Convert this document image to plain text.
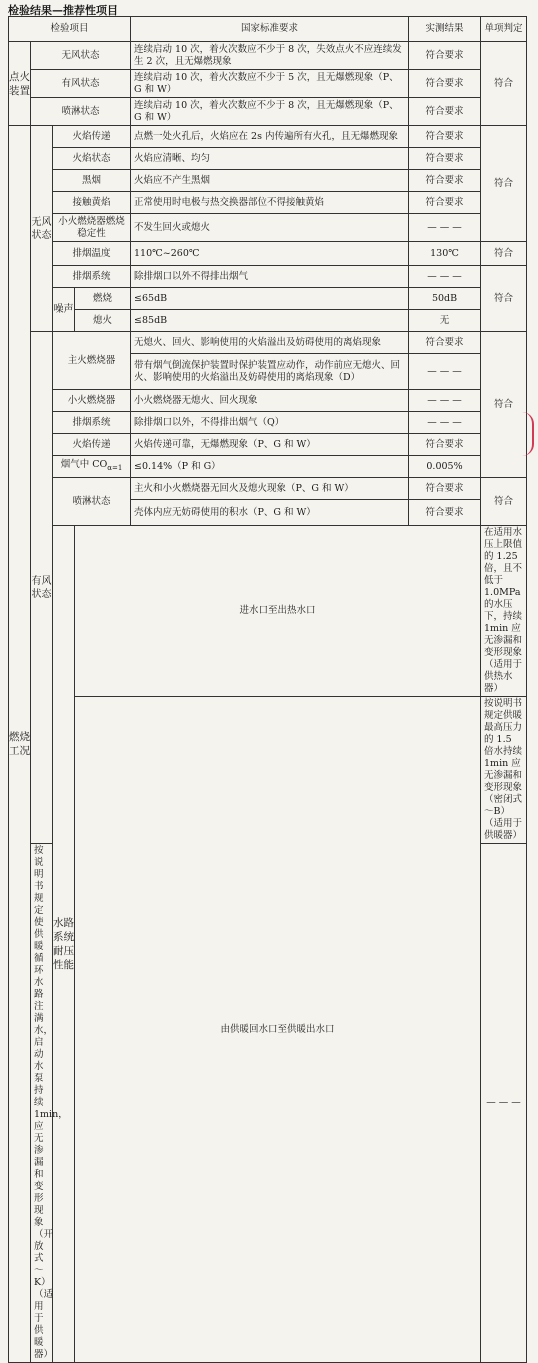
检验结果—推荐性项目
检验项目				国家标准要求	实测结果	单项判定	
点火装置	无风状态			连续启动 10 次，着火次数应不少于 8 次，失效点火不应连续发生 2 次，且无爆燃现象	符合要求	符合	
	有风状态			连续启动 10 次，着火次数应不少于 5 次，且无爆燃现象（P、G 和 W）	符合要求		
	喷淋状态			连续启动 10 次，着火次数应不少于 8 次，且无爆燃现象（P、G 和 W）	符合要求		
燃烧工况	无风状态	火焰传递		点燃一处火孔后，火焰应在 2s 内传遍所有火孔，且无爆燃现象	符合要求	符合	
		火焰状态		火焰应清晰、均匀	符合要求		
		黑烟		火焰应不产生黑烟	符合要求		
		接触黄焰		正常使用时电极与热交换器部位不得接触黄焰	符合要求		
		小火燃烧器燃烧稳定性		不发生回火或熄火	— — —		
		排烟温度		110℃~260℃	130℃	符合	
		排烟系统		除排烟口以外不得排出烟气	— — —	符合	
		噪声	燃烧	≤65dB	50dB		
			熄火	≤85dB	无		
	有风状态	主火燃烧器		无熄火、回火、影响使用的火焰溢出及妨碍使用的离焰现象	符合要求	符合	
				带有烟气倒流保护装置时保护装置应动作，动作前应无熄火、回火、影响使用的火焰溢出及妨碍使用的离焰现象（D）	— — —		
		小火燃烧器		小火燃烧器无熄火、回火现象	— — —		
		排烟系统		除排烟口以外，不得排出烟气（Q）	— — —		
		火焰传递		火焰传递可靠，无爆燃现象（P、G 和 W）	符合要求		
		烟气中 $CO_{\alpha=1}$		≤0.14%（P 和 G）	0.005%		
		喷淋状态		主火和小火燃烧器无回火及熄火现象（P、G 和 W）	符合要求	符合	
				壳体内应无妨碍使用的积水（P、G 和 W）	符合要求		
		水路系统耐压性能	进水口至出热水口			在适用水压上限值的 1.25 倍，且不低于 1.0MPa 的水压下，持续 1min 应无渗漏和变形现象（适用于供热水器）		
			由供暖回水口至供暖出水口			按说明书规定供暖最高压力的 1.5 倍水持续 1min 应无渗漏和变形现象（密闭式～B）（适用于供暖器）	
	按说明书规定使供暖循环水路注满水，启动水泵持续 1min，应无渗漏和变形现象（开放式～K）（适用于供暖器）					— — —	
